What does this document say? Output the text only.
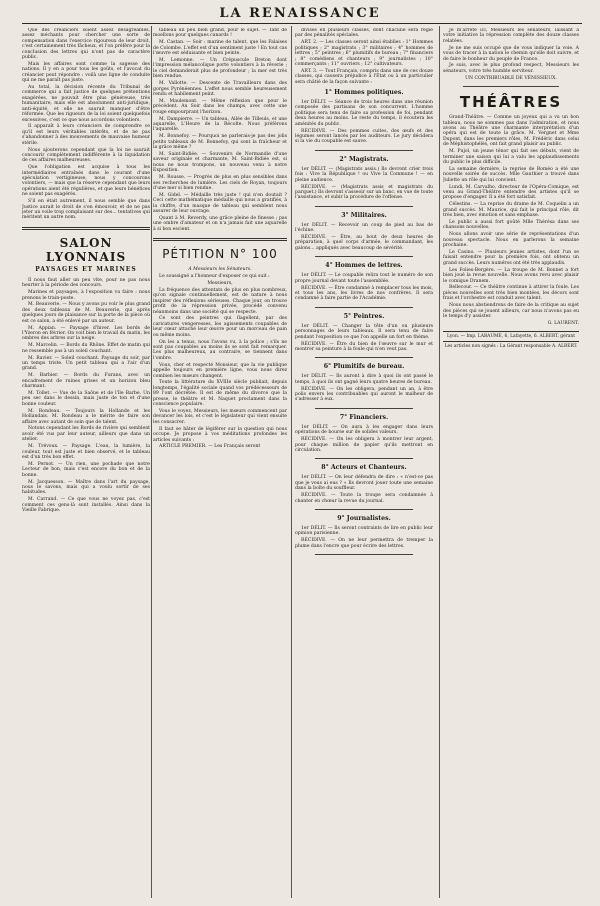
LA RENAISSANCE

Que des créanciers soient assez désagréables, assez méchants pour chercher une sorte de compensation dans l'exercice rigoureux de leur droit, c'est certainement très fâcheux, et l'on préfère pour la conclusion des lettres qui n'ont pas de caractère public.

Mais les affaires sont comme la sagesse des nations. Il y en a pour tous les goûts, et l'avocat du créancier peut répondre : voilà une ligne de conduite qui ne me paraît pas juste.

Au total, la décision récente du Tribunal de commerce qui a fait justice de quelques prétentions exagérées, ne pouvait être plus généreuse, très humanitaire, mais elle est absolument anti-juridique, anti-équité, et elle ne saurait manquer d'être réformée. Que les rigueurs de la loi soient quelquefois excessives, c'est ce que nous accordons volontiers.

Il apparaît à leurs créanciers de comprendre ce qu'il est leurs véritables intérêts, et de ne pas s'abandonner à des mouvements de mauvaise humeur stérile.

Nous ajouterons cependant que la loi ne saurait concourir complètement indifférente à la liquidation de ces affaires malheureuses.

Que l'obligation est acquise à tous les intermédiaires entraînés dans le courant d'une spéculation vertigineuse, nous y concourons volontiers, — mais que la réserve cependant que leurs opérations aient été régulières, et que leurs bénéfices ne soient pas exagérés.

S'il en était autrement, il nous semble que dans Justice aurait le droit de s'en émouvoir, et de ne pas jeter un voile trop complaisant sur des... tentatives qui méritent un autre nom.

SALON LYONNAIS
PAYSAGES ET MARINES

Il nous faut aller un peu vite, pour ne pas nous heurter à la période des concours.

Marines et paysages, à l'exposition va faire : nous prenons le train-poste.

M. Beauverie. — Nous y avons pu voir le plus grand des deux tableaux de M. Beauverie, qui après quelques jours de plaisance sur la porte de la pièce où est ce salon, a été enlevé par un auteur.

M. Appian. — Paysage d'hiver. Les bords de l'Yzeron en février. On voit bien le travail du matin, les ombres des arbres sur la neige.

M. Marcelin. — Bords du Rhône. Effet de matin qui ne ressemble pas à un soleil couchant.

M. Ravier. — Soleil couchant. Paysage du soir, par un temps triste. Un petit tableau qui a l'air d'un grand.

M. Barbier. — Bords du Furans, avec un encadrement de ruines grises et un horizon bleu charmant.

M. Tollet. — Vue de la Saône et de l'île Barbe. Un peu sec dans le dessin, mais juste de ton et d'une bonne couleur.

M. Rondeau. — Toujours la Hollande et les Hollandais. M. Rondeau a le mérite de faire son affaire avec autant de soin que de talent.

Notons cependant les Bords de rivière qui semblent avoir été vus par leur auteur, ailleurs que dans un atelier.

M. Trévoux. — Paysage. L'eau, la lumière, la couleur, tout est juste et bien observé, et le tableau est d'un très bon effet.

M. Pernot. — Un rien, une pochade que notre Lecteur de bon, mais c'est encore du bon et de la bonne.

M. Jacquesson. — Maître dans l'art du paysage, nous le savons, mais qui a voulu sortir de ses habitudes.

M. Carrand. — Ce que vous ne voyez pas, c'est comment ces gens-là sont installés. Ainsi dans la Vieille Fabrique.

tableau un peu bien grand, pour le sujet. — Tant de moellons pour quelques canards !

M. Castan. — Soir : marine de talent, que les Falaises de Colombe. L'effet est d'un sentiment juste ! En tout cas l'œuvre est séduisante et bien peinte.

M. Lemonne. — Un Crépuscule Breton dont l'impression mélancolique porte volontiers à la rêverie ; le ciel demanderait plus de profondeur ; la mer est très bien rendue.

M. Vallotte. — Descente de Travailleurs dans des gorges Pyrénéennes. L'effet nous semble heureusement rendu et habilement peint.

M. Maulemont. — Même réflexion que pour le précédent. Au Soir dans les champs, avec cette une rouge empourprant l'horizon.

M. Dampierre. — Un tableau, Allée de Tilleuls, et une aquarelle, L'Heure de la Récolte. Nous préférons l'aquarelle.

M. Bonnefoy. — Pourquoi ne parlerais-je pas des jolis petits tableaux de M. Bonnefoy, qui sont la fraîcheur et la grâce même ?

M. Saint-Bidiée. — Souvenirs de Normandie d'une saveur originale et charmante, M. Saint-Bidiée est, si nous ne nous trompons, un nouveau venu à notre Exposition.

M. Rousse. — Progrès de plus en plus sensibles dans ses recherches de lumière. Les ciels de Royan, toujours d'une mer si bien rendue.

M. Gidel. — Médaille très juste ! qui n'en doutait ? Ceci cette mathématique médaille qui nous a gratifiés, à la chiffre, d'un masque de tableau qui semblent nous assurer de leur ouvrage.

Quant à M. Reverdy, une grâce pleine de finesse ; pas une ombre d'amateur et on n'a jamais fait une aquarelle à si bon escient.

PÉTITION N° 100

A Messieurs les Sénateurs.

Le soussigné a l'honneur d'exposer ce qui suit :

Messieurs,

La fréquence des attentats de plus en plus nombreux, qu'on signale continuellement, est de nature à nous inspirer des réflexions sérieuses. Chaque jour, on trouve profit de la répression privée, procédé convenu néanmoins dans une société qui se respecte.

Ce sont des peintres qui flagellent, par des caricatures vengeresses, les agissements coupables de leur cœur attaché leur œuvre pour un morceau de pain ou même moins.

On les a tenus, nous l'avons vu, à la police ; s'ils ne sont pas coupables au moins ils se sont fait remarquer. Les plus malheureux, au contraire, se tiennent dans l'ombre.

Vous, cher et respecté Monsieur, que la vie publique appelle toujours en première ligne, vous nous direz combien les mœurs changent.

Toute la littérature du XVIIIe siècle publiait, depuis longtemps, l'égalité sociale quand vos prédécesseurs de 89 l'ont décrétée. Il est de même du divorce que la presse, le théâtre et M. Naquet proclament dans la conscience populaire.

Vous le voyez, Messieurs, les mœurs commencent par devancer les lois, et c'est le législateur qui vient ensuite les consacrer.

Il faut se hâter de légiférer sur la question qui nous occupe. Je propose à vos méditations profondes les articles suivants :

ARTICLE PREMIER. — Les Français seront

divisés en plusieurs classes, dont chacune sera régie par des pénalités spéciales.

ART. 2. — Les classes seront ainsi établies : 1° Hommes politiques ; 2° magistrats ; 3° militaires ; 4° hommes de lettres ; 5° peintres ; 6° plumitifs de bureau ; 7° financiers ; 8° comédiens et chanteurs ; 9° journalistes ; 10° commerçants ; 11° ouvriers ; 12° cultivateurs.

ART. 3. — Tout Français, compris dans une de ces douze classes, qui causera préjudice à l'État ou à un particulier sera châtié de la façon suivante :

1° Hommes politiques.

1er DÉLIT. — Séance de trois heures dans une réunion composée des partisans de son concurrent. L'homme politique sera tenu de faire sa profession de foi, pendant deux heures au moins. Le reste du temps, il écoutera les aménités du public.

RÉCIDIVE. — Des pommes cuites, des œufs et des légumes seront lancés par les auditeurs. Le jury décidera si la vie du coupable est sauve.

2° Magistrats.

1er DÉLIT. — (Magistrats assis.) Ils devront crier trois fois : Vive la République ! ou Vive la Commune ! — en pleine audience.

RÉCIDIVE. — (Magistrats assis et magistrats du parquet.) Ils devront s'asseoir sur un banc, en vue de toute l'assistance, et subir la procédure de l'offense.

3° Militaires.

1er DÉLIT. — Recevoir un coup de pied au bas de l'échine.

RÉCIDIVE. — Être, au bout de deux heures de préparation, à quel corps d'armée, le commandant, les galons... appliqués avec beaucoup de sévérité.

4° Hommes de lettres.

1er DÉLIT. — Le coupable relira tout le numéro de son propre journal devant toute l'assemblée.

RÉCIDIVE. — Être condamné à remplacer tous les mois, et tous les ans, les livres de nos confrères. Il sera condamné à faire partie de l'Académie.

5° Peintres.

1er DÉLIT. — Changer la tête d'un ou plusieurs personnages de leurs tableaux. Il sera tenu de faire pendant l'exposition ce que l'on appelle un fort en thème.

RÉCIDIVE. — Être du bien de l'œuvre sur le mur et montrer sa peinture à la foule qui n'en veut pas.

6° Plumitifs de bureau.

1er DÉLIT. — Ils auront à dire à quoi ils ont passé le temps, à quoi ils ont gagné leurs quatre heures de bureau.

RÉCIDIVE. — On les obligera, pendant un an, à être polis envers les contribuables qui auront le malheur de s'adresser à eux.

7° Financiers.

1er DÉLIT. — On aura à les engager dans leurs opérations de bourse sur de solides valeurs.

RÉCIDIVE. — On les obligera à montrer leur argent, pour chaque million de papier qu'ils mettront en circulation.

8° Acteurs et Chanteurs.

1er DÉLIT. — On leur défendra de dire : « n'est-ce pas que je vous ai eus ? » Ils devront jouer toute une semaine dans la boîte du souffleur.

RÉCIDIVE. — Toute la troupe sera condamnée à chanter en chœur la revue du journal.

9° Journalistes.

1er DÉLIT. — Ils seront contraints de lire en public leur opinion parisienne.

RÉCIDIVE. — On ne leur permettra de tremper la plume dans l'encre que pour écrire des lettres.

Je m'arrête ici, Messieurs les sénateurs, laissant à votre initiative la répression complète des douze classes relatées.

Je ne me suis occupé que de vous indiquer la voie. A vous de tracer à la nation le chemin qu'elle doit suivre, et de faire le bonheur du peuple de France.

Je suis, avec le plus profond respect, Messieurs les sénateurs, votre très humble serviteur.

UN CONTRIBUABLE DE VÉNISSIEUX.

THÉÂTRES

Grand-Théâtre. — Comme un joyeux qui a vu un bon tableau, nous ne sommes pas dans l'admiration, et nous avons au Théâtre une charmante interprétation d'un opéra qui est de toute la grâce. M. Vergnet et Mme Dupont, dans les premiers rôles, M. Frédéric dans celui de Méphistophélès, ont fait grand plaisir au public.

M. Pujol, un jeune ténor qui fait ses débuts, vient de terminer une saison qui lui a valu les applaudissements du public le plus difficile.

La semaine dernière, la reprise de Roméo a été une nouvelle soirée de succès. Mlle Gauthier a trouvé dans Juliette un rôle qui lui convient.

Lundi, M. Carvalho, directeur de l'Opéra-Comique, est venu au Grand-Théâtre entendre des artistes qu'il se propose d'engager. Il a été fort satisfait.

Célestins. — La reprise du drame de M. Coquelin a un grand succès. M. Maurice, qui fait le principal rôle, dit très bien, avec émotion et sans emphase.

Le public a aussi fort goûté Mlle Thérésa dans ses chansons nouvelles.

Nous allons avoir une série de représentations d'un nouveau spectacle. Nous en parlerons la semaine prochaine.

Le Casino. — Plusieurs jeunes artistes, dont l'un se faisait entendre pour la première fois, ont obtenu un grand succès. Leurs numéros ont été très applaudis.

Les Folies-Bergère. — La troupe de M. Bonnet a fort bien joué la revue nouvelle. Nous avons revu avec plaisir le comique Dranem.

Bellecour. — Ce théâtre continue à attirer la foule. Les pièces nouvelles sont très bien montées, les décors sont frais et l'orchestre est conduit avec talent.

Nous nous abstiendrons de faire de la critique au sujet des pièces qui se jouent ailleurs, car nous n'avons pas eu le temps d'y assister.

G. LAURENT.

Lyon. — Imp. LABAUME, 6, Lafayette, 6. ALBERT, gérant
Les articles non signés : La Gérant responsable A. ALBERT.
